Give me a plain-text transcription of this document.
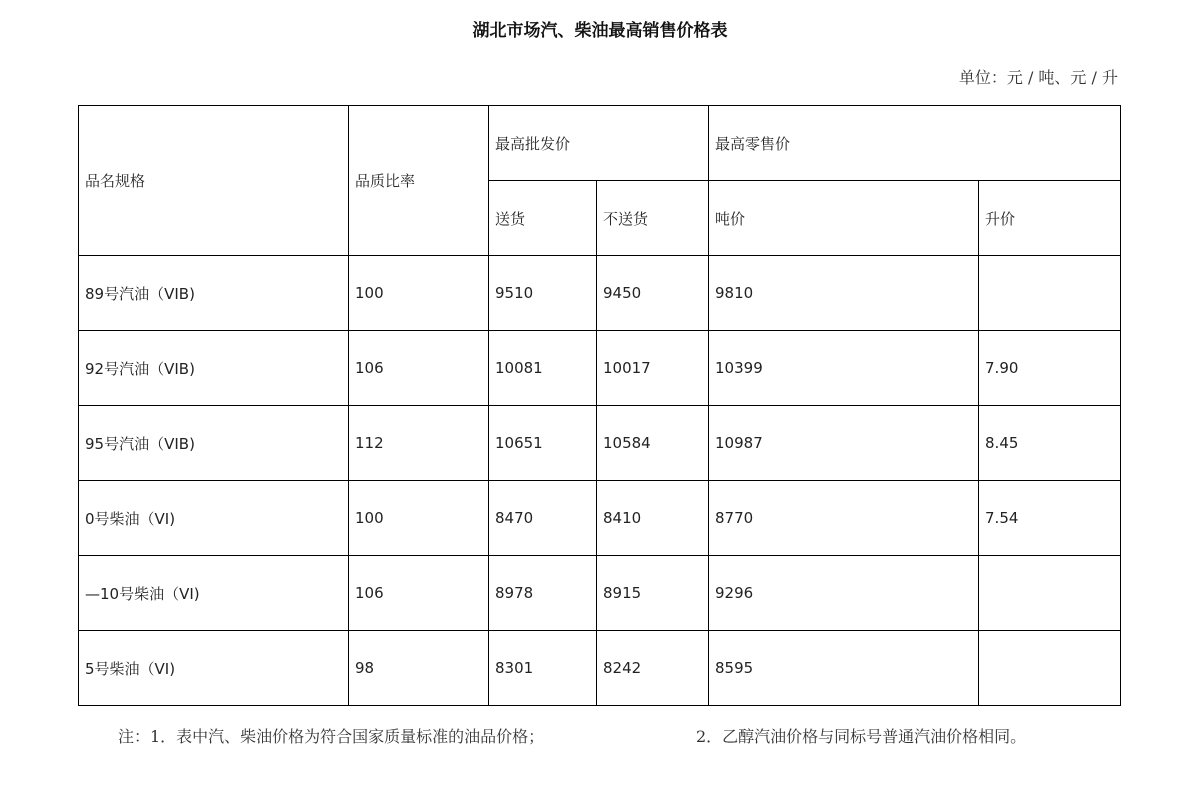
湖北市场汽、柴油最高销售价格表
单位：元 / 吨、元 / 升
品名规格	品质比率	最高批发价		最高零售价	
		送货	不送货	吨价	升价
89号汽油（VIB)	100	9510	9450	9810	
92号汽油（VIB)	106	10081	10017	10399	7.90
95号汽油（VIB)	112	10651	10584	10987	8.45
0号柴油（VI)	100	8470	8410	8770	7.54
—10号柴油（VI)	106	8978	8915	9296	
5号柴油（VI)	98	8301	8242	8595	
注：1．表中汽、柴油价格为符合国家质量标准的油品价格；	2．乙醇汽油价格与同标号普通汽油价格相同。
